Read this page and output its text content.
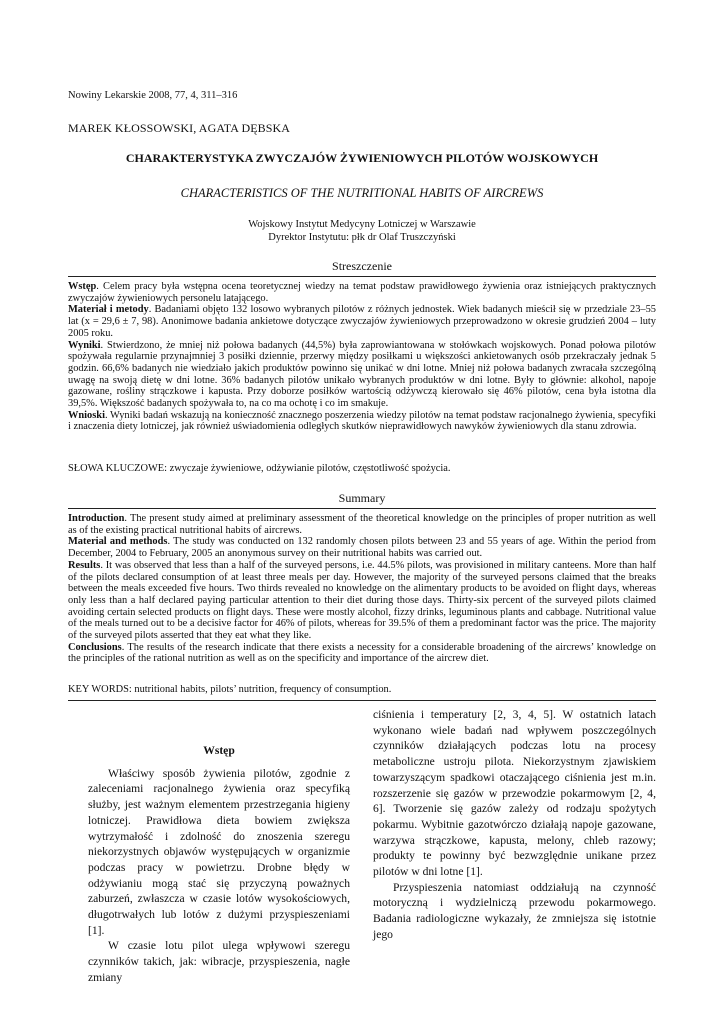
Nowiny Lekarskie 2008, 77, 4, 311–316
MAREK KŁOSSOWSKI, AGATA DĘBSKA
CHARAKTERYSTYKA ZWYCZAJÓW ŻYWIENIOWYCH PILOTÓW WOJSKOWYCH
CHARACTERISTICS OF THE NUTRITIONAL HABITS OF AIRCREWS
Wojskowy Instytut Medycyny Lotniczej w Warszawie
Dyrektor Instytutu: płk dr Olaf Truszczyński
Streszczenie

Wstęp. Celem pracy była wstępna ocena teoretycznej wiedzy na temat podstaw prawidłowego żywienia oraz istniejących praktycznych zwyczajów żywieniowych personelu latającego.

Materiał i metody. Badaniami objęto 132 losowo wybranych pilotów z różnych jednostek. Wiek badanych mieścił się w przedziale 23–55 lat (x = 29,6 ± 7, 98). Anonimowe badania ankietowe dotyczące zwyczajów żywieniowych przeprowadzono w okresie grudzień 2004 – luty 2005 roku.

Wyniki. Stwierdzono, że mniej niż połowa badanych (44,5%) była zaprowiantowana w stołówkach wojskowych. Ponad połowa pilotów spożywała regularnie przynajmniej 3 posiłki dziennie, przerwy między posiłkami u większości ankietowanych osób przekraczały jednak 5 godzin. 66,6% badanych nie wiedziało jakich produktów powinno się unikać w dni lotne. Mniej niż połowa badanych zwracała szczególną uwagę na swoją dietę w dni lotne. 36% badanych pilotów unikało wybranych produktów w dni lotne. Były to głównie: alkohol, napoje gazowane, rośliny strączkowe i kapusta. Przy doborze posiłków wartością odżywczą kierowało się 46% pilotów, cena była istotna dla 39,5%. Większość badanych spożywała to, na co ma ochotę i co im smakuje.

Wnioski. Wyniki badań wskazują na konieczność znacznego poszerzenia wiedzy pilotów na temat podstaw racjonalnego żywienia, specyfiki i znaczenia diety lotniczej, jak również uświadomienia odległych skutków nieprawidłowych nawyków żywieniowych dla stanu zdrowia.

SŁOWA KLUCZOWE: zwyczaje żywieniowe, odżywianie pilotów, częstotliwość spożycia.
Summary

Introduction. The present study aimed at preliminary assessment of the theoretical knowledge on the principles of proper nutrition as well as of the existing practical nutritional habits of aircrews.

Material and methods. The study was conducted on 132 randomly chosen pilots between 23 and 55 years of age. Within the period from December, 2004 to February, 2005 an anonymous survey on their nutritional habits was carried out.

Results. It was observed that less than a half of the surveyed persons, i.e. 44.5% pilots, was provisioned in military canteens. More than half of the pilots declared consumption of at least three meals per day. However, the majority of the surveyed persons claimed that the breaks between the meals exceeded five hours. Two thirds revealed no knowledge on the alimentary products to be avoided on flight days, whereas only less than a half declared paying particular attention to their diet during those days. Thirty-six percent of the surveyed pilots claimed avoiding certain selected products on flight days. These were mostly alcohol, fizzy drinks, leguminous plants and cabbage. Nutritional value of the meals turned out to be a decisive factor for 46% of pilots, whereas for 39.5% of them a predominant factor was the price. The majority of the surveyed pilots asserted that they eat what they like.

Conclusions. The results of the research indicate that there exists a necessity for a considerable broadening of the aircrews’ knowledge on the principles of the rational nutrition as well as on the specificity and importance of the aircrew diet.

KEY WORDS: nutritional habits, pilots’ nutrition, frequency of consumption.
Wstęp

Właściwy sposób żywienia pilotów, zgodnie z zaleceniami racjonalnego żywienia oraz specyfiką służby, jest ważnym elementem przestrzegania higieny lotniczej. Prawidłowa dieta bowiem zwiększa wytrzymałość i zdolność do znoszenia szeregu niekorzystnych objawów występujących w organizmie podczas pracy w powietrzu. Drobne błędy w odżywianiu mogą stać się przyczyną poważnych zaburzeń, zwłaszcza w czasie lotów wysokościowych, długotrwałych lub lotów z dużymi przyspieszeniami [1].

W czasie lotu pilot ulega wpływowi szeregu czynników takich, jak: wibracje, przyspieszenia, nagłe zmiany

ciśnienia i temperatury [2, 3, 4, 5]. W ostatnich latach wykonano wiele badań nad wpływem poszczególnych czynników działających podczas lotu na procesy metaboliczne ustroju pilota. Niekorzystnym zjawiskiem towarzyszącym spadkowi otaczającego ciśnienia jest m.in. rozszerzenie się gazów w przewodzie pokarmowym [2, 4, 6]. Tworzenie się gazów zależy od rodzaju spożytych pokarmu. Wybitnie gazotwórczo działają napoje gazowane, warzywa strączkowe, kapusta, melony, chleb razowy; produkty te powinny być bezwzględnie unikane przez pilotów w dni lotne [1].

Przyspieszenia natomiast oddziałują na czynność motoryczną i wydzielniczą przewodu pokarmowego. Badania radiologiczne wykazały, że zmniejsza się istotnie jego
